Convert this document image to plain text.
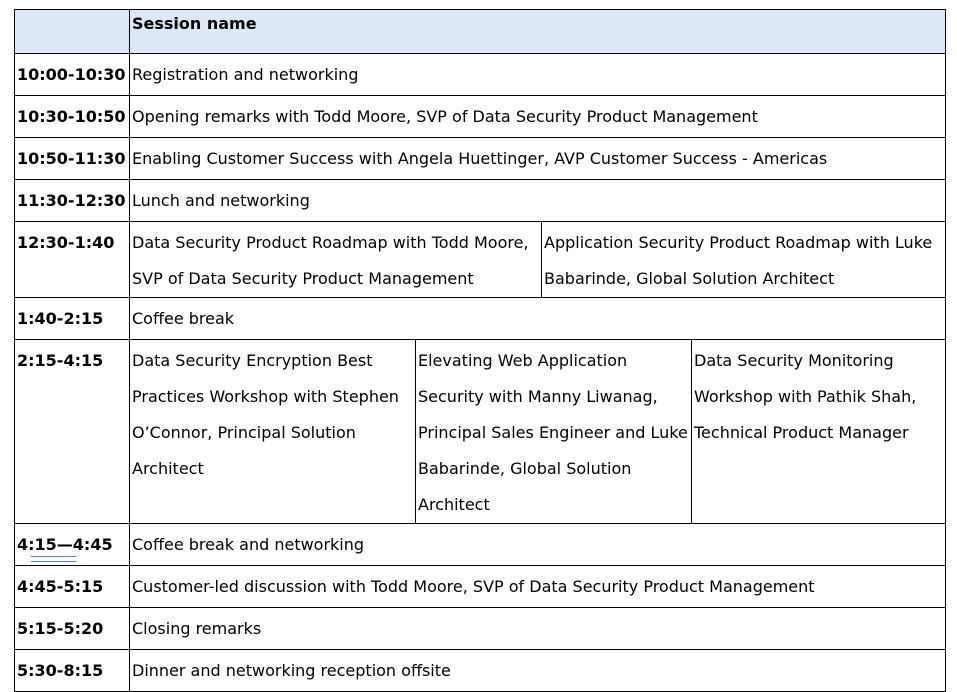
	Session name			
10:00-10:30	Registration and networking			
10:30-10:50	Opening remarks with Todd Moore, SVP of Data Security Product Management			
10:50-11:30	Enabling Customer Success with Angela Huettinger, AVP Customer Success - Americas			
11:30-12:30	Lunch and networking			
12:30-1:40	Data Security Product Roadmap with Todd Moore, SVP of Data Security Product Management		Application Security Product Roadmap with Luke Babarinde, Global Solution Architect	
1:40-2:15	Coffee break			
2:15-4:15	Data Security Encryption Best Practices Workshop with Stephen O’Connor, Principal Solution Architect	Elevating Web Application Security with Manny Liwanag, Principal Sales Engineer and Luke Babarinde, Global Solution Architect		Data Security Monitoring Workshop with Pathik Shah, Technical Product Manager
4:15—4:45	Coffee break and networking			
4:45-5:15	Customer-led discussion with Todd Moore, SVP of Data Security Product Management			
5:15-5:20	Closing remarks			
5:30-8:15	Dinner and networking reception offsite			
